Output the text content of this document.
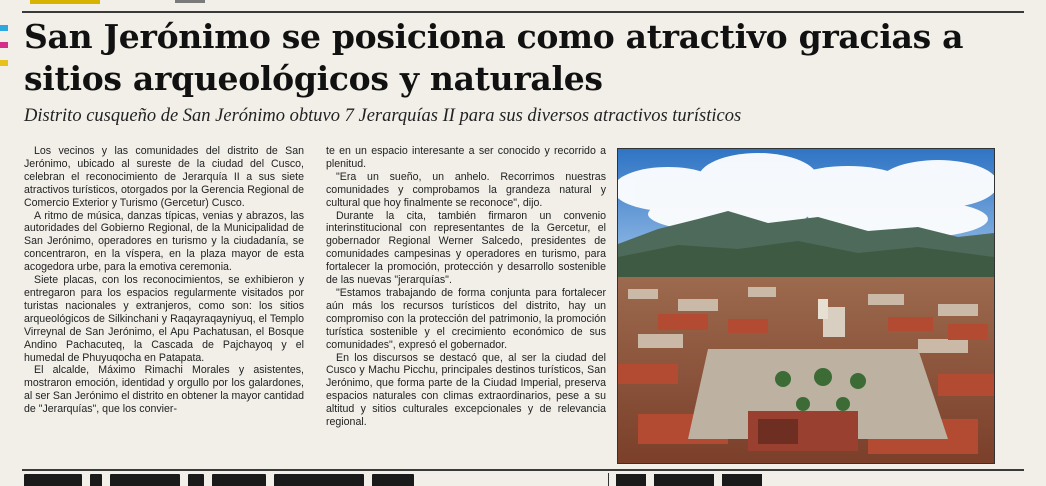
San Jerónimo se posiciona como atractivo gracias a sitios arqueológicos y naturales

Distrito cusqueño de San Jerónimo obtuvo 7 Jerarquías II para sus diversos atractivos turísticos

Los vecinos y las comunidades del distrito de San Jerónimo, ubicado al sureste de la ciudad del Cusco, celebran el reconocimiento de Jerarquía II a sus siete atractivos turísticos, otorgados por la Gerencia Regional de Comercio Exterior y Turismo (Gercetur) Cusco.

A ritmo de música, danzas típicas, venias y abrazos, las autoridades del Gobierno Regional, de la Municipalidad de San Jerónimo, operadores en turismo y la ciudadanía, se concentraron, en la víspera, en la plaza mayor de esta acogedora urbe, para la emotiva ceremonia.

Siete placas, con los reconocimientos, se exhibieron y entregaron para los espacios regularmente visitados por turistas nacionales y extranjeros, como son: los sitios arqueológicos de Silkinchani y Raqayraqayniyuq, el Templo Virreynal de San Jerónimo, el Apu Pachatusan, el Bosque Andino Pachacuteq, la Cascada de Pajchayoq y el humedal de Phuyuqocha en Patapata.

El alcalde, Máximo Rimachi Morales y asistentes, mostraron emoción, identidad y orgullo por los galardones, al ser San Jerónimo el distrito en obtener la mayor cantidad de "Jerarquías", que los convier-

te en un espacio interesante a ser conocido y recorrido a plenitud.

"Era un sueño, un anhelo. Recorrimos nuestras comunidades y comprobamos la grandeza natural y cultural que hoy finalmente se reconoce", dijo.

Durante la cita, también firmaron un convenio interinstitucional con representantes de la Gercetur, el gobernador Regional Werner Salcedo, presidentes de comunidades campesinas y operadores en turismo, para fortalecer la promoción, protección y desarrollo sostenible de las nuevas "jerarquías".

"Estamos trabajando de forma conjunta para fortalecer aún más los recursos turísticos del distrito, hay un compromiso con la protección del patrimonio, la promoción turística sostenible y el crecimiento económico de sus comunidades", expresó el gobernador.

En los discursos se destacó que, al ser la ciudad del Cusco y Machu Picchu, principales destinos turísticos, San Jerónimo, que forma parte de la Ciudad Imperial, preserva espacios naturales con climas extraordinarios, pese a su altitud y sitios culturales excepcionales y de relevancia regional.
